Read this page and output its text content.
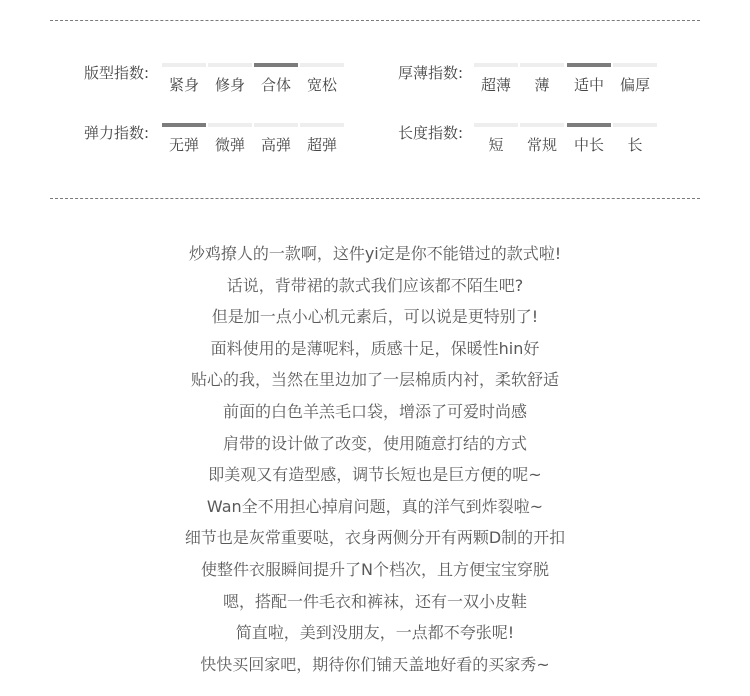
版型指数:
紧身	修身	合体	宽松
厚薄指数:
超薄	薄	适中	偏厚
弹力指数:
无弹	微弹	高弹	超弹
长度指数:
短	常规	中长	长
炒鸡撩人的一款啊，这件yi定是你不能错过的款式啦!
话说，背带裙的款式我们应该都不陌生吧?
但是加一点小心机元素后，可以说是更特别了!
面料使用的是薄呢料，质感十足，保暖性hin好
贴心的我，当然在里边加了一层棉质内衬，柔软舒适
前面的白色羊羔毛口袋，增添了可爱时尚感
肩带的设计做了改变，使用随意打结的方式
即美观又有造型感，调节长短也是巨方便的呢~
Wan全不用担心掉肩问题，真的洋气到炸裂啦~
细节也是灰常重要哒，衣身两侧分开有两颗D制的开扣
使整件衣服瞬间提升了N个档次，且方便宝宝穿脱
嗯，搭配一件毛衣和裤袜，还有一双小皮鞋
简直啦，美到没朋友，一点都不夸张呢!
快快买回家吧，期待你们铺天盖地好看的买家秀~
